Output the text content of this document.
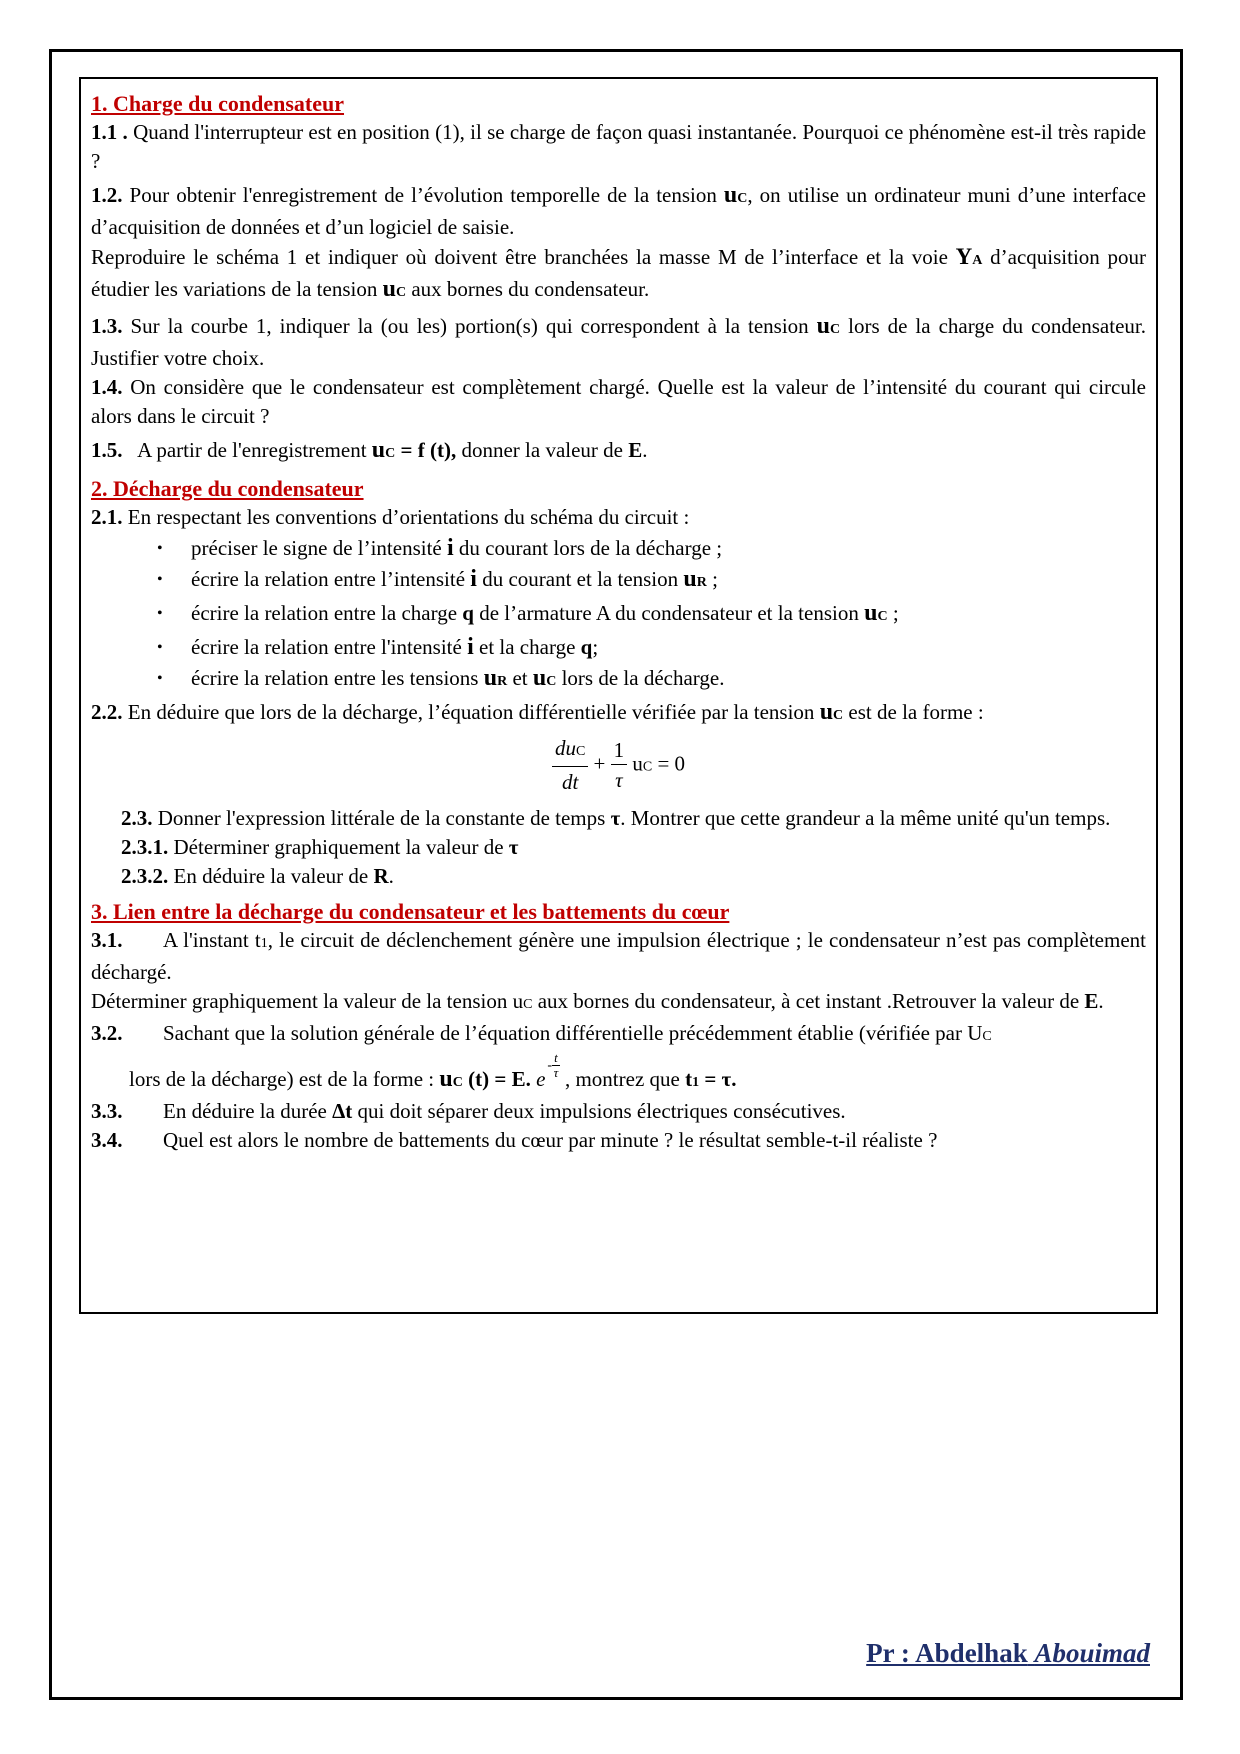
1. Charge du condensateur

1.1 . Quand l'interrupteur est en position (1), il se charge de façon quasi instantanée. Pourquoi ce phénomène est-il très rapide ?

1.2. Pour obtenir l'enregistrement de l’évolution temporelle de la tension uC, on utilise un ordinateur muni d’une interface d’acquisition de données et d’un logiciel de saisie.

Reproduire le schéma 1 et indiquer où doivent être branchées la masse M de l’interface et la voie YA d’acquisition pour étudier les variations de la tension uC aux bornes du condensateur.

1.3. Sur la courbe 1, indiquer la (ou les) portion(s) qui correspondent à la tension uC lors de la charge du condensateur. Justifier votre choix.

1.4. On considère que le condensateur est complètement chargé. Quelle est la valeur de l’intensité du courant qui circule alors dans le circuit ?

1.5. A partir de l'enregistrement uC = f (t), donner la valeur de E.

2. Décharge du condensateur

2.1. En respectant les conventions d’orientations du schéma du circuit :

• préciser le signe de l’intensité i du courant lors de la décharge ;
• écrire la relation entre l’intensité i du courant et la tension uR ;
• écrire la relation entre la charge q de l’armature A du condensateur et la tension uC ;
• écrire la relation entre l'intensité i et la charge q;
• écrire la relation entre les tensions uR et uC lors de la décharge.

2.2. En déduire que lors de la décharge, l’équation différentielle vérifiée par la tension uC est de la forme :

$\frac{\text{duC}}{dt} + \frac{1}{\tau}$ uC = 0

2.3. Donner l'expression littérale de la constante de temps τ. Montrer que cette grandeur a la même unité qu'un temps.

2.3.1. Déterminer graphiquement la valeur de τ

2.3.2. En déduire la valeur de R.

3. Lien entre la décharge du condensateur et les battements du cœur

3.1. A l'instant t1, le circuit de déclenchement génère une impulsion électrique ; le condensateur n’est pas complètement déchargé.

Déterminer graphiquement la valeur de la tension uC aux bornes du condensateur, à cet instant .Retrouver la valeur de E.

3.2. Sachant que la solution générale de l’équation différentielle précédemment établie (vérifiée par UC

lors de la décharge) est de la forme : uC (t) = E. $e- \frac{t}{\tau}$ , montrez que t1 = τ.

3.3. En déduire la durée Δt qui doit séparer deux impulsions électriques consécutives.

3.4. Quel est alors le nombre de battements du cœur par minute ? le résultat semble-t-il réaliste ?

Pr : Abdelhak Abouimad
